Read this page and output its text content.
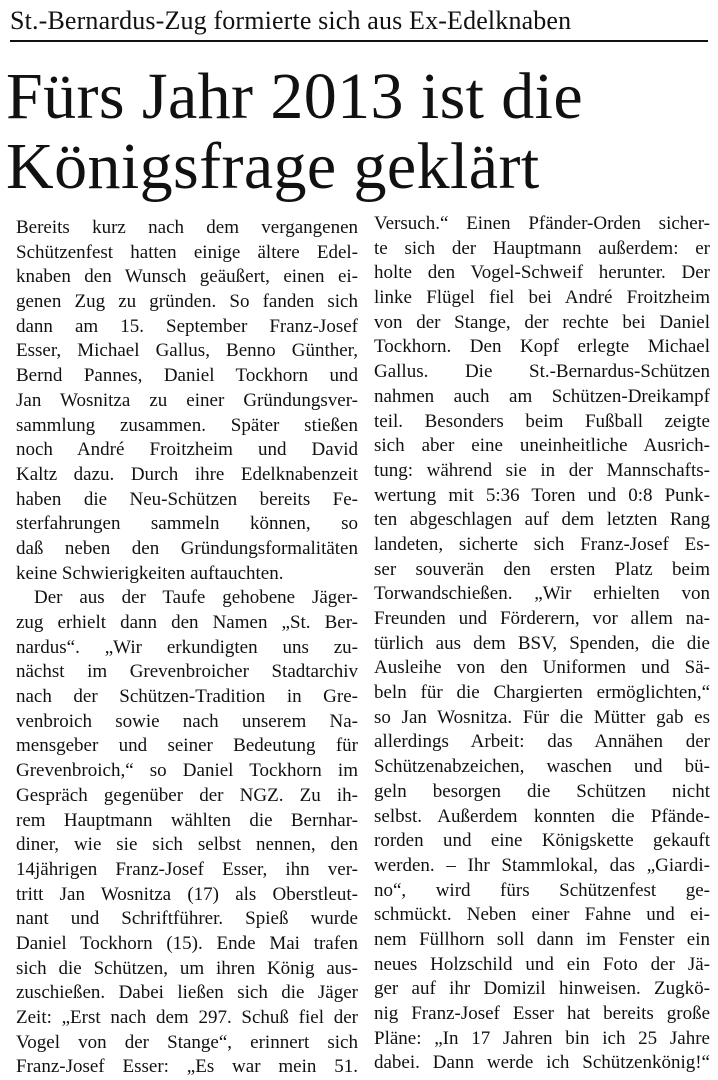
St.-Bernardus-Zug formierte sich aus Ex-Edelknaben
Fürs Jahr 2013 ist die
Königsfrage geklärt
Bereits kurz nach dem vergangenen
Schützenfest hatten einige ältere Edel-
knaben den Wunsch geäußert, einen ei-
genen Zug zu gründen. So fanden sich
dann am 15. September Franz-Josef
Esser, Michael Gallus, Benno Günther,
Bernd Pannes, Daniel Tockhorn und
Jan Wosnitza zu einer Gründungsver-
sammlung zusammen. Später stießen
noch André Froitzheim und David
Kaltz dazu. Durch ihre Edelknabenzeit
haben die Neu-Schützen bereits Fe-
sterfahrungen sammeln können, so
daß neben den Gründungsformalitäten
keine Schwierigkeiten auftauchten.
Der aus der Taufe gehobene Jäger-
zug erhielt dann den Namen „St. Ber-
nardus“. „Wir erkundigten uns zu-
nächst im Grevenbroicher Stadtarchiv
nach der Schützen-Tradition in Gre-
venbroich sowie nach unserem Na-
mensgeber und seiner Bedeutung für
Grevenbroich,“ so Daniel Tockhorn im
Gespräch gegenüber der NGZ. Zu ih-
rem Hauptmann wählten die Bernhar-
diner, wie sie sich selbst nennen, den
14jährigen Franz-Josef Esser, ihn ver-
tritt Jan Wosnitza (17) als Oberstleut-
nant und Schriftführer. Spieß wurde
Daniel Tockhorn (15). Ende Mai trafen
sich die Schützen, um ihren König aus-
zuschießen. Dabei ließen sich die Jäger
Zeit: „Erst nach dem 297. Schuß fiel der
Vogel von der Stange“, erinnert sich
Franz-Josef Esser: „Es war mein 51.
Versuch.“ Einen Pfänder-Orden sicher-
te sich der Hauptmann außerdem: er
holte den Vogel-Schweif herunter. Der
linke Flügel fiel bei André Froitzheim
von der Stange, der rechte bei Daniel
Tockhorn. Den Kopf erlegte Michael
Gallus. Die St.-Bernardus-Schützen
nahmen auch am Schützen-Dreikampf
teil. Besonders beim Fußball zeigte
sich aber eine uneinheitliche Ausrich-
tung: während sie in der Mannschafts-
wertung mit 5:36 Toren und 0:8 Punk-
ten abgeschlagen auf dem letzten Rang
landeten, sicherte sich Franz-Josef Es-
ser souverän den ersten Platz beim
Torwandschießen. „Wir erhielten von
Freunden und Förderern, vor allem na-
türlich aus dem BSV, Spenden, die die
Ausleihe von den Uniformen und Sä-
beln für die Chargierten ermöglichten,“
so Jan Wosnitza. Für die Mütter gab es
allerdings Arbeit: das Annähen der
Schützenabzeichen, waschen und bü-
geln besorgen die Schützen nicht
selbst. Außerdem konnten die Pfände-
rorden und eine Königskette gekauft
werden. – Ihr Stammlokal, das „Giardi-
no“, wird fürs Schützenfest ge-
schmückt. Neben einer Fahne und ei-
nem Füllhorn soll dann im Fenster ein
neues Holzschild und ein Foto der Jä-
ger auf ihr Domizil hinweisen. Zugkö-
nig Franz-Josef Esser hat bereits große
Pläne: „In 17 Jahren bin ich 25 Jahre
dabei. Dann werde ich Schützenkönig!“
